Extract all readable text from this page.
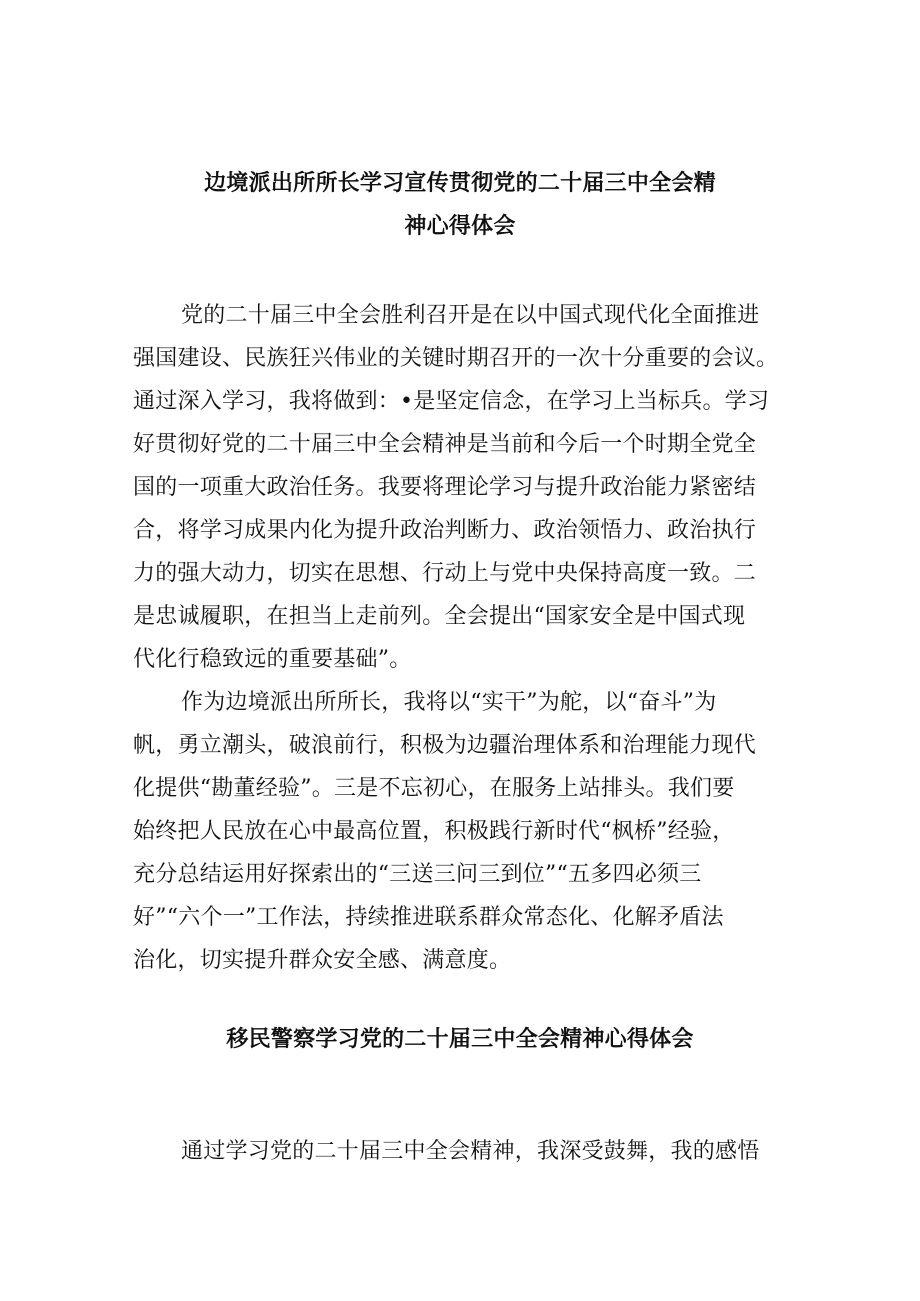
边境派出所所长学习宣传贯彻党的二十届三中全会精
神心得体会
党的二十届三中全会胜利召开是在以中国式现代化全面推进
强国建设、民族狂兴伟业的关键时期召开的一次十分重要的会议。
通过深入学习，我将做到：•是坚定信念，在学习上当标兵。学习
好贯彻好党的二十届三中全会精神是当前和今后一个时期全党全
国的一项重大政治任务。我要将理论学习与提升政治能力紧密结
合，将学习成果内化为提升政治判断力、政治领悟力、政治执行
力的强大动力，切实在思想、行动上与党中央保持高度一致。二
是忠诚履职，在担当上走前列。全会提出“国家安全是中国式现
代化行稳致远的重要基础”。
作为边境派出所所长，我将以“实干”为舵，以“奋斗”为
帆，勇立潮头，破浪前行，积极为边疆治理体系和治理能力现代
化提供“勘董经验”。三是不忘初心，在服务上站排头。我们要
始终把人民放在心中最高位置，积极践行新时代“枫桥”经验，
充分总结运用好探索出的“三送三问三到位”“五多四必须三
好”“六个一”工作法，持续推进联系群众常态化、化解矛盾法
治化，切实提升群众安全感、满意度。
移民警察学习党的二十届三中全会精神心得体会
通过学习党的二十届三中全会精神，我深受鼓舞，我的感悟
